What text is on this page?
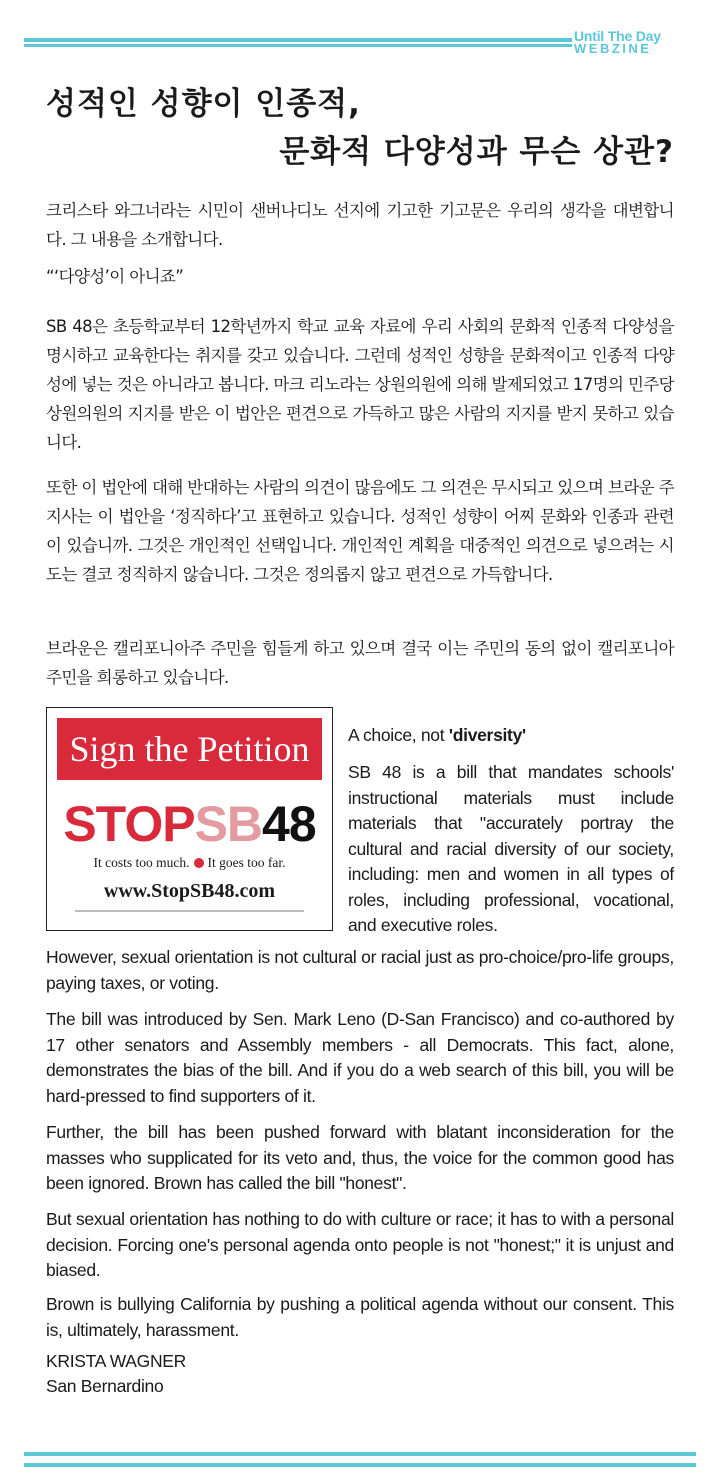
Until The Day
WEBZINE
성적인 성향이 인종적,
문화적 다양성과 무슨 상관?
크리스타 와그너라는 시민이 샌버나디노 선지에 기고한 기고문은 우리의 생각을 대변합니다. 그 내용을 소개합니다.
“‘다양성’이 아니죠”
SB 48은 초등학교부터 12학년까지 학교 교육 자료에 우리 사회의 문화적 인종적 다양성을 명시하고 교육한다는 취지를 갖고 있습니다. 그런데 성적인 성향을 문화적이고 인종적 다양성에 넣는 것은 아니라고 봅니다. 마크 리노라는 상원의원에 의해 발제되었고 17명의 민주당 상원의원의 지지를 받은 이 법안은 편견으로 가득하고 많은 사람의 지지를 받지 못하고 있습니다.
또한 이 법안에 대해 반대하는 사람의 의견이 많음에도 그 의견은 무시되고 있으며 브라운 주지사는 이 법안을 ‘정직하다’고 표현하고 있습니다. 성적인 성향이 어찌 문화와 인종과 관련이 있습니까. 그것은 개인적인 선택입니다. 개인적인 계획을 대중적인 의견으로 넣으려는 시도는 결코 정직하지 않습니다. 그것은 정의롭지 않고 편견으로 가득합니다.
브라운은 캘리포니아주 주민을 힘들게 하고 있으며 결국 이는 주민의 동의 없이 캘리포니아 주민을 희롱하고 있습니다.
Sign the Petition
STOPSB48
It costs too much. It goes too far.
www.StopSB48.com
A choice, not 'diversity'
SB 48 is a bill that mandates schools' instructional materials must include materials that "accurately portray the cultural and racial diversity of our society, including: men and women in all types of roles, including professional, vocational, and executive roles.
However, sexual orientation is not cultural or racial just as pro-choice/pro-life groups, paying taxes, or voting.
The bill was introduced by Sen. Mark Leno (D-San Francisco) and co-authored by 17 other senators and Assembly members - all Democrats. This fact, alone, demonstrates the bias of the bill. And if you do a web search of this bill, you will be hard-pressed to find supporters of it.
Further, the bill has been pushed forward with blatant inconsideration for the masses who supplicated for its veto and, thus, the voice for the common good has been ignored. Brown has called the bill "honest".
But sexual orientation has nothing to do with culture or race; it has to with a personal decision. Forcing one's personal agenda onto people is not "honest;" it is unjust and biased.
Brown is bullying California by pushing a political agenda without our consent. This is, ultimately, harassment.
KRISTA WAGNER
San Bernardino
